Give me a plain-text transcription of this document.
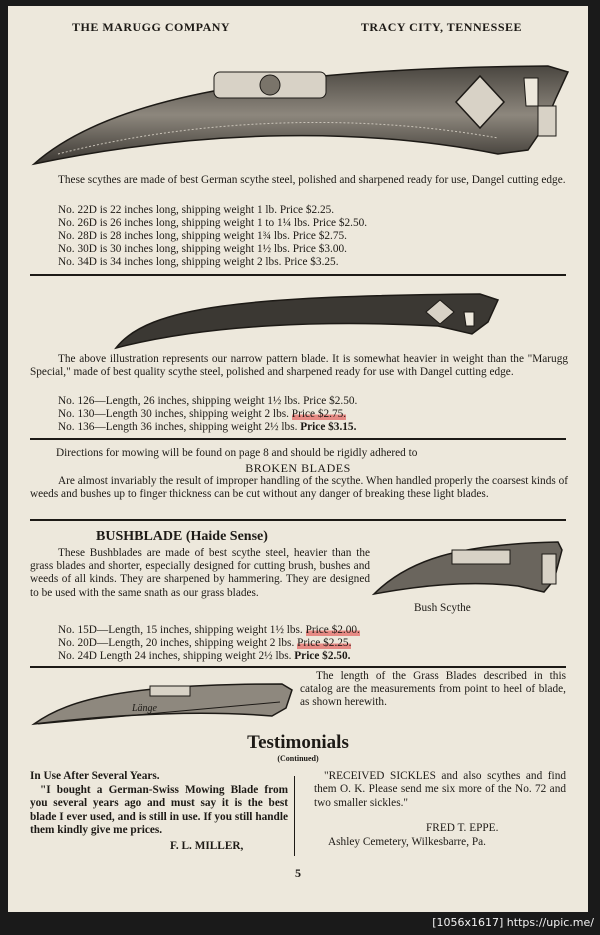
THE MARUGG COMPANY	TRACY CITY, TENNESSEE
These scythes are made of best German scythe steel, polished and sharpened ready for use, Dangel cutting edge.
No. 22D is 22 inches long, shipping weight 1 lb. Price $2.25.
No. 26D is 26 inches long, shipping weight 1 to 1¼ lbs. Price $2.50.
No. 28D is 28 inches long, shipping weight 1¾ lbs. Price $2.75.
No. 30D is 30 inches long, shipping weight 1½ lbs. Price $3.00.
No. 34D is 34 inches long, shipping weight 2 lbs. Price $3.25.
The above illustration represents our narrow pattern blade. It is somewhat heavier in weight than the "Marugg Special," made of best quality scythe steel, polished and sharpened ready for use with Dangel cutting edge.
No. 126—Length, 26 inches, shipping weight 1½ lbs. Price $2.50.
No. 130—Length 30 inches, shipping weight 2 lbs. Price $2.75.
No. 136—Length 36 inches, shipping weight 2½ lbs. Price $3.15.
Directions for mowing will be found on page 8 and should be rigidly adhered to
BROKEN BLADES
Are almost invariably the result of improper handling of the scythe. When handled properly the coarsest kinds of weeds and bushes up to finger thickness can be cut without any danger of breaking these light blades.
BUSHBLADE (Haide Sense)
These Bushblades are made of best scythe steel, heavier than the grass blades and shorter, especially designed for cutting brush, bushes and weeds of all kinds. They are sharpened by hammering. They are designed to be used with the same snath as our grass blades.
Bush Scythe
No. 15D—Length, 15 inches, shipping weight 1½ lbs. Price $2.00.
No. 20D—Length, 20 inches, shipping weight 2 lbs. Price $2.25.
No. 24D Length 24 inches, shipping weight 2½ lbs. Price $2.50.
Länge
The length of the Grass Blades described in this catalog are the measurements from point to heel of blade, as shown herewith.
Testimonials
(Continued)
In Use After Several Years.
"I bought a German-Swiss Mowing Blade from you several years ago and must say it is the best blade I ever used, and is still in use. If you still handle them kindly give me prices.
F. L. MILLER,
"RECEIVED SICKLES and also scythes and find them O. K. Please send me six more of the No. 72 and two smaller sickles."
FRED T. EPPE.
Ashley Cemetery, Wilkesbarre, Pa.
5
[1056x1617] https://upic.me/
